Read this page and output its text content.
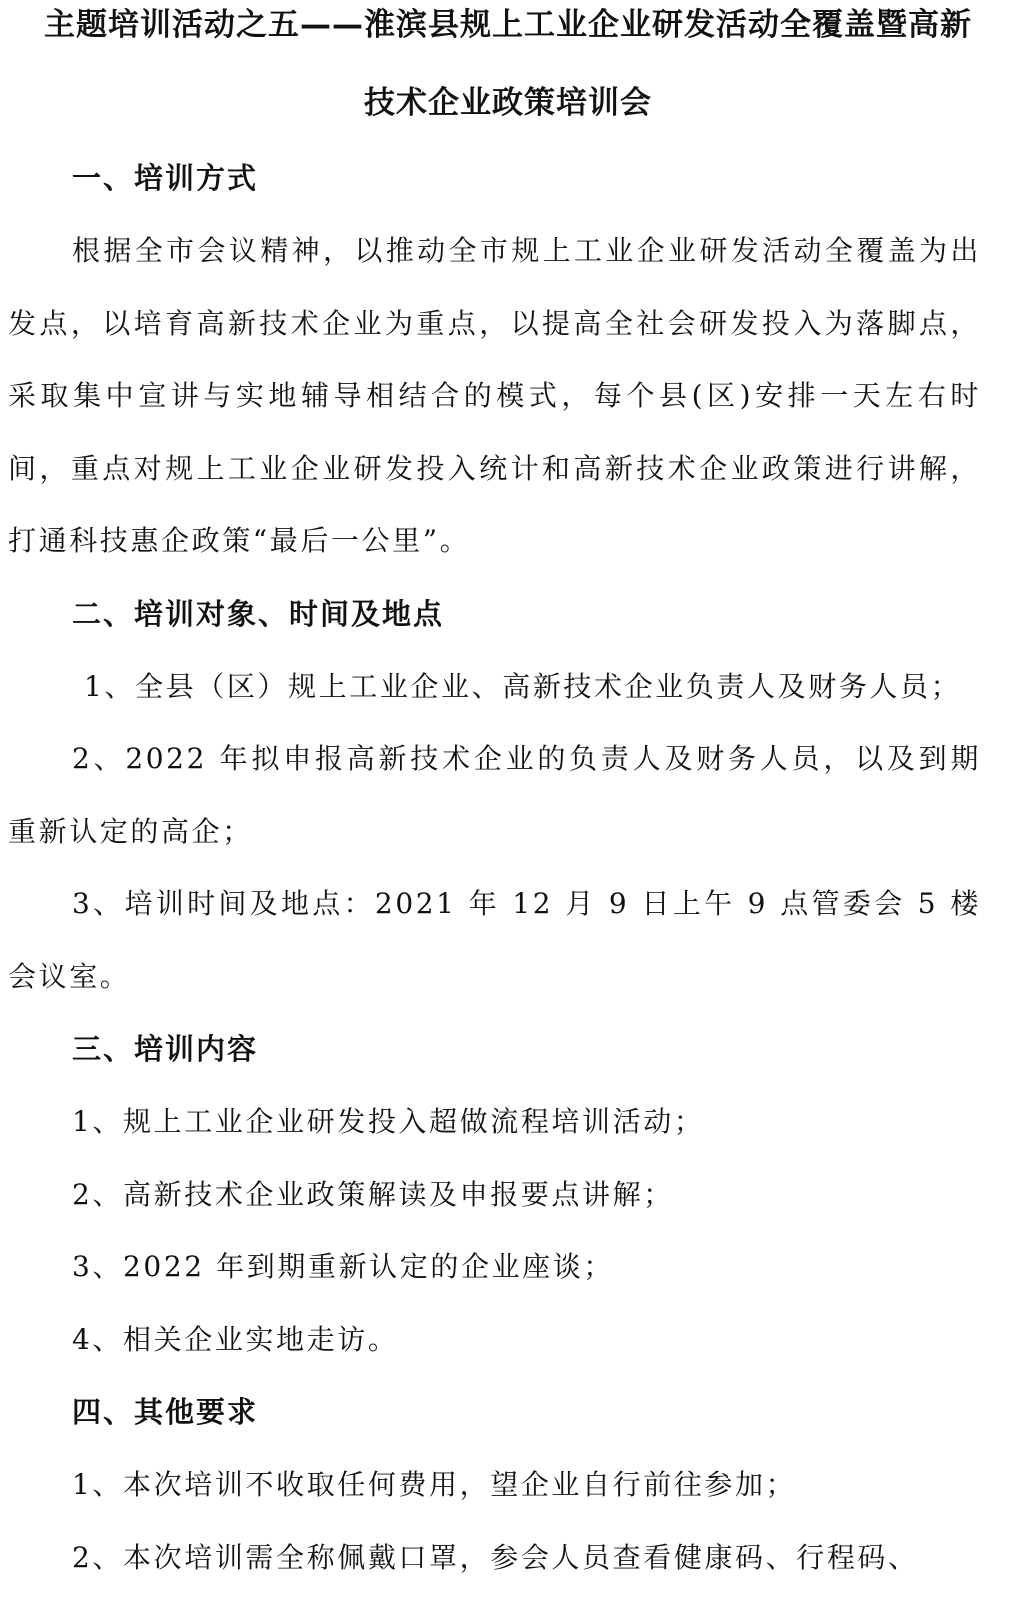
主题培训活动之五——淮滨县规上工业企业研发活动全覆盖暨高新
技术企业政策培训会
一、培训方式

根据全市会议精神，以推动全市规上工业企业研发活动全覆盖为出发点，以培育高新技术企业为重点，以提高全社会研发投入为落脚点，采取集中宣讲与实地辅导相结合的模式，每个县(区)安排一天左右时间，重点对规上工业企业研发投入统计和高新技术企业政策进行讲解，打通科技惠企政策“最后一公里”。

二、培训对象、时间及地点

1、全县（区）规上工业企业、高新技术企业负责人及财务人员；

2、2022 年拟申报高新技术企业的负责人及财务人员，以及到期重新认定的高企；

3、培训时间及地点：2021 年 12 月 9 日上午 9 点管委会 5 楼会议室。

三、培训内容

1、规上工业企业研发投入超做流程培训活动；

2、高新技术企业政策解读及申报要点讲解；

3、2022 年到期重新认定的企业座谈；

4、相关企业实地走访。

四、其他要求

1、本次培训不收取任何费用，望企业自行前往参加；

2、本次培训需全称佩戴口罩，参会人员查看健康码、行程码、
